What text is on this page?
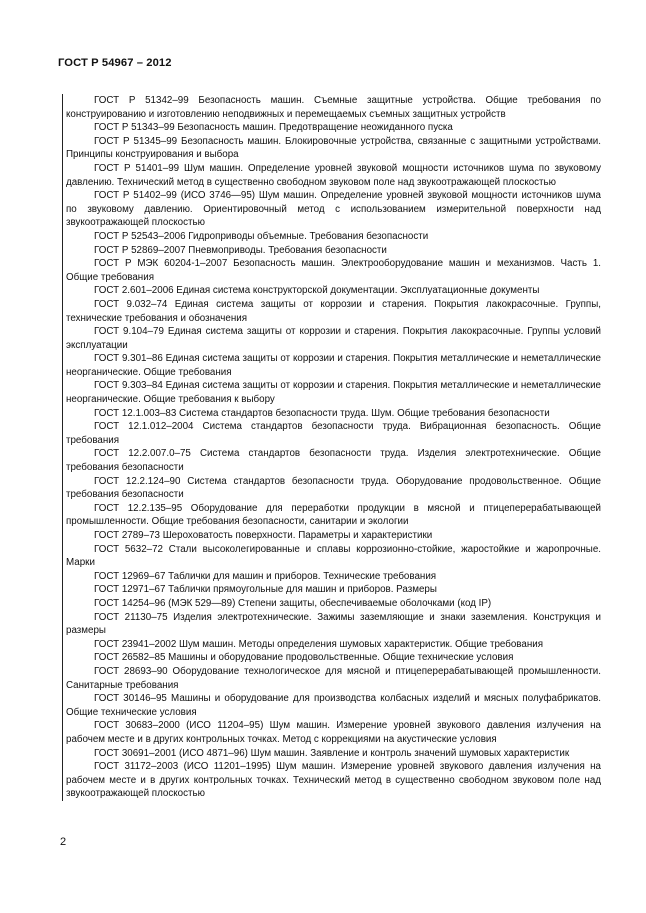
ГОСТ Р 54967 – 2012

ГОСТ Р 51342–99 Безопасность машин. Съемные защитные устройства. Общие требования по конструированию и изготовлению неподвижных и перемещаемых съемных защитных устройств

ГОСТ Р 51343–99 Безопасность машин. Предотвращение неожиданного пуска

ГОСТ Р 51345–99 Безопасность машин. Блокировочные устройства, связанные с защитными устройствами. Принципы конструирования и выбора

ГОСТ Р 51401–99 Шум машин. Определение уровней звуковой мощности источников шума по звуковому давлению. Технический метод в существенно свободном звуковом поле над звукоотражающей плоскостью

ГОСТ Р 51402–99 (ИСО 3746—95) Шум машин. Определение уровней звуковой мощности источников шума по звуковому давлению. Ориентировочный метод с использованием измерительной поверхности над звукоотражающей плоскостью

ГОСТ Р 52543–2006 Гидроприводы объемные. Требования безопасности

ГОСТ Р 52869–2007 Пневмоприводы. Требования безопасности

ГОСТ Р МЭК 60204-1–2007 Безопасность машин. Электрооборудование машин и механизмов. Часть 1. Общие требования

ГОСТ 2.601–2006 Единая система конструкторской документации. Эксплуатационные документы

ГОСТ 9.032–74 Единая система защиты от коррозии и старения. Покрытия лакокрасочные. Группы, технические требования и обозначения

ГОСТ 9.104–79 Единая система защиты от коррозии и старения. Покрытия лакокрасочные. Группы условий эксплуатации

ГОСТ 9.301–86 Единая система защиты от коррозии и старения. Покрытия металлические и неметаллические неорганические. Общие требования

ГОСТ 9.303–84 Единая система защиты от коррозии и старения. Покрытия металлические и неметаллические неорганические. Общие требования к выбору

ГОСТ 12.1.003–83 Система стандартов безопасности труда. Шум. Общие требования безопасности

ГОСТ 12.1.012–2004 Система стандартов безопасности труда. Вибрационная безопасность. Общие требования

ГОСТ 12.2.007.0–75 Система стандартов безопасности труда. Изделия электротехнические. Общие требования безопасности

ГОСТ 12.2.124–90 Система стандартов безопасности труда. Оборудование продовольственное. Общие требования безопасности

ГОСТ 12.2.135–95 Оборудование для переработки продукции в мясной и птицеперерабатывающей промышленности. Общие требования безопасности, санитарии и экологии

ГОСТ 2789–73 Шероховатость поверхности. Параметры и характеристики

ГОСТ 5632–72 Стали высоколегированные и сплавы коррозионно-стойкие, жаростойкие и жаропрочные. Марки

ГОСТ 12969–67 Таблички для машин и приборов. Технические требования

ГОСТ 12971–67 Таблички прямоугольные для машин и приборов. Размеры

ГОСТ 14254–96 (МЭК 529—89) Степени защиты, обеспечиваемые оболочками (код IP)

ГОСТ 21130–75 Изделия электротехнические. Зажимы заземляющие и знаки заземления. Конструкция и размеры

ГОСТ 23941–2002 Шум машин. Методы определения шумовых характеристик. Общие требования

ГОСТ 26582–85 Машины и оборудование продовольственные. Общие технические условия

ГОСТ 28693–90 Оборудование технологическое для мясной и птицеперерабатывающей промышленности. Санитарные требования

ГОСТ 30146–95 Машины и оборудование для производства колбасных изделий и мясных полуфабрикатов. Общие технические условия

ГОСТ 30683–2000 (ИСО 11204–95) Шум машин. Измерение уровней звукового давления излучения на рабочем месте и в других контрольных точках. Метод с коррекциями на акустические условия

ГОСТ 30691–2001 (ИСО 4871–96) Шум машин. Заявление и контроль значений шумовых характеристик

ГОСТ 31172–2003 (ИСО 11201–1995) Шум машин. Измерение уровней звукового давления излучения на рабочем месте и в других контрольных точках. Технический метод в существенно свободном звуковом поле над звукоотражающей плоскостью

2
